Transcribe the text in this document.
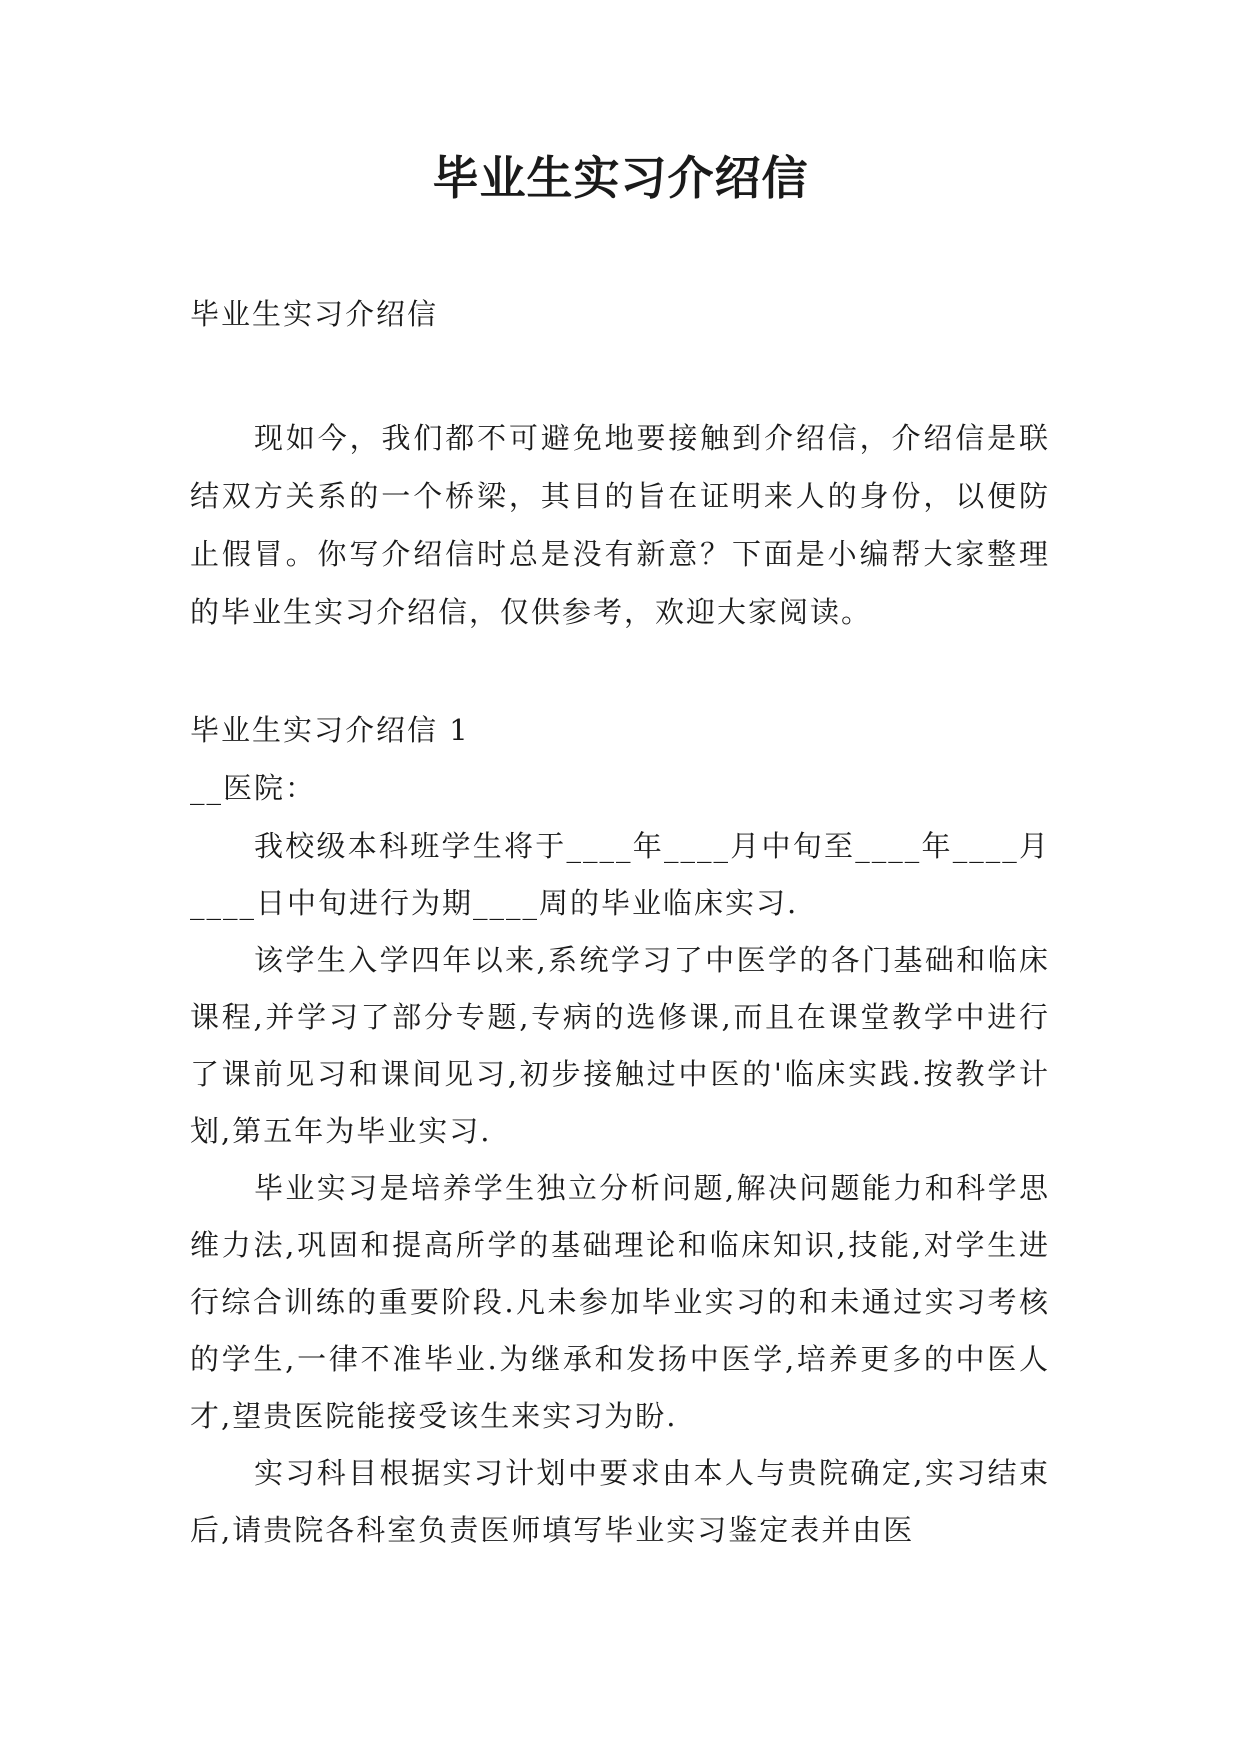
毕业生实习介绍信
毕业生实习介绍信

现如今，我们都不可避免地要接触到介绍信，介绍信是联结双方关系的一个桥梁，其目的旨在证明来人的身份，以便防止假冒。你写介绍信时总是没有新意？下面是小编帮大家整理的毕业生实习介绍信，仅供参考，欢迎大家阅读。

毕业生实习介绍信 1
__医院：

我校级本科班学生将于____年____月中旬至____年____月____日中旬进行为期____周的毕业临床实习.

该学生入学四年以来,系统学习了中医学的各门基础和临床课程,并学习了部分专题,专病的选修课,而且在课堂教学中进行了课前见习和课间见习,初步接触过中医的'临床实践.按教学计划,第五年为毕业实习.

毕业实习是培养学生独立分析问题,解决问题能力和科学思维力法,巩固和提高所学的基础理论和临床知识,技能,对学生进行综合训练的重要阶段.凡未参加毕业实习的和未通过实习考核的学生,一律不准毕业.为继承和发扬中医学,培养更多的中医人才,望贵医院能接受该生来实习为盼.

实习科目根据实习计划中要求由本人与贵院确定,实习结束后,请贵院各科室负责医师填写毕业实习鉴定表并由医
